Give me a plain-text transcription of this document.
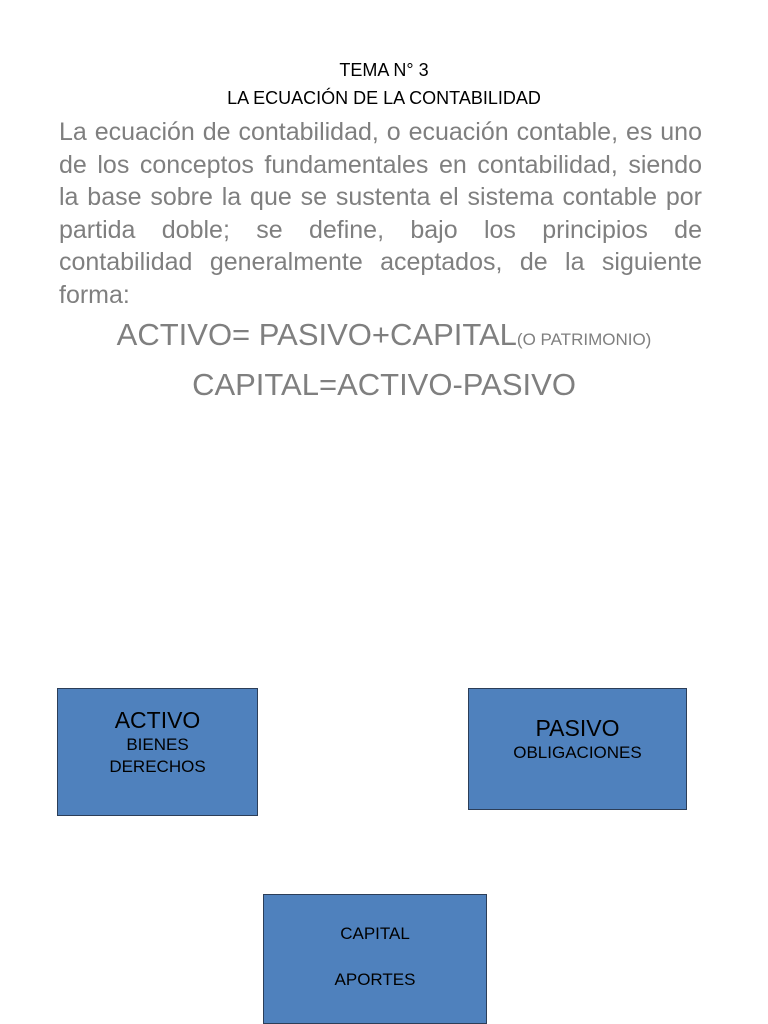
TEMA N° 3
LA ECUACIÓN DE LA CONTABILIDAD

La ecuación de contabilidad, o ecuación contable, es uno de los conceptos fundamentales en contabilidad, siendo la base sobre la que se sustenta el sistema contable por partida doble; se define, bajo los principios de contabilidad generalmente aceptados, de la siguiente forma:

ACTIVO= PASIVO+CAPITAL(O PATRIMONIO)
CAPITAL=ACTIVO-PASIVO
ACTIVO
BIENES
DERECHOS
PASIVO
OBLIGACIONES
CAPITAL
APORTES
